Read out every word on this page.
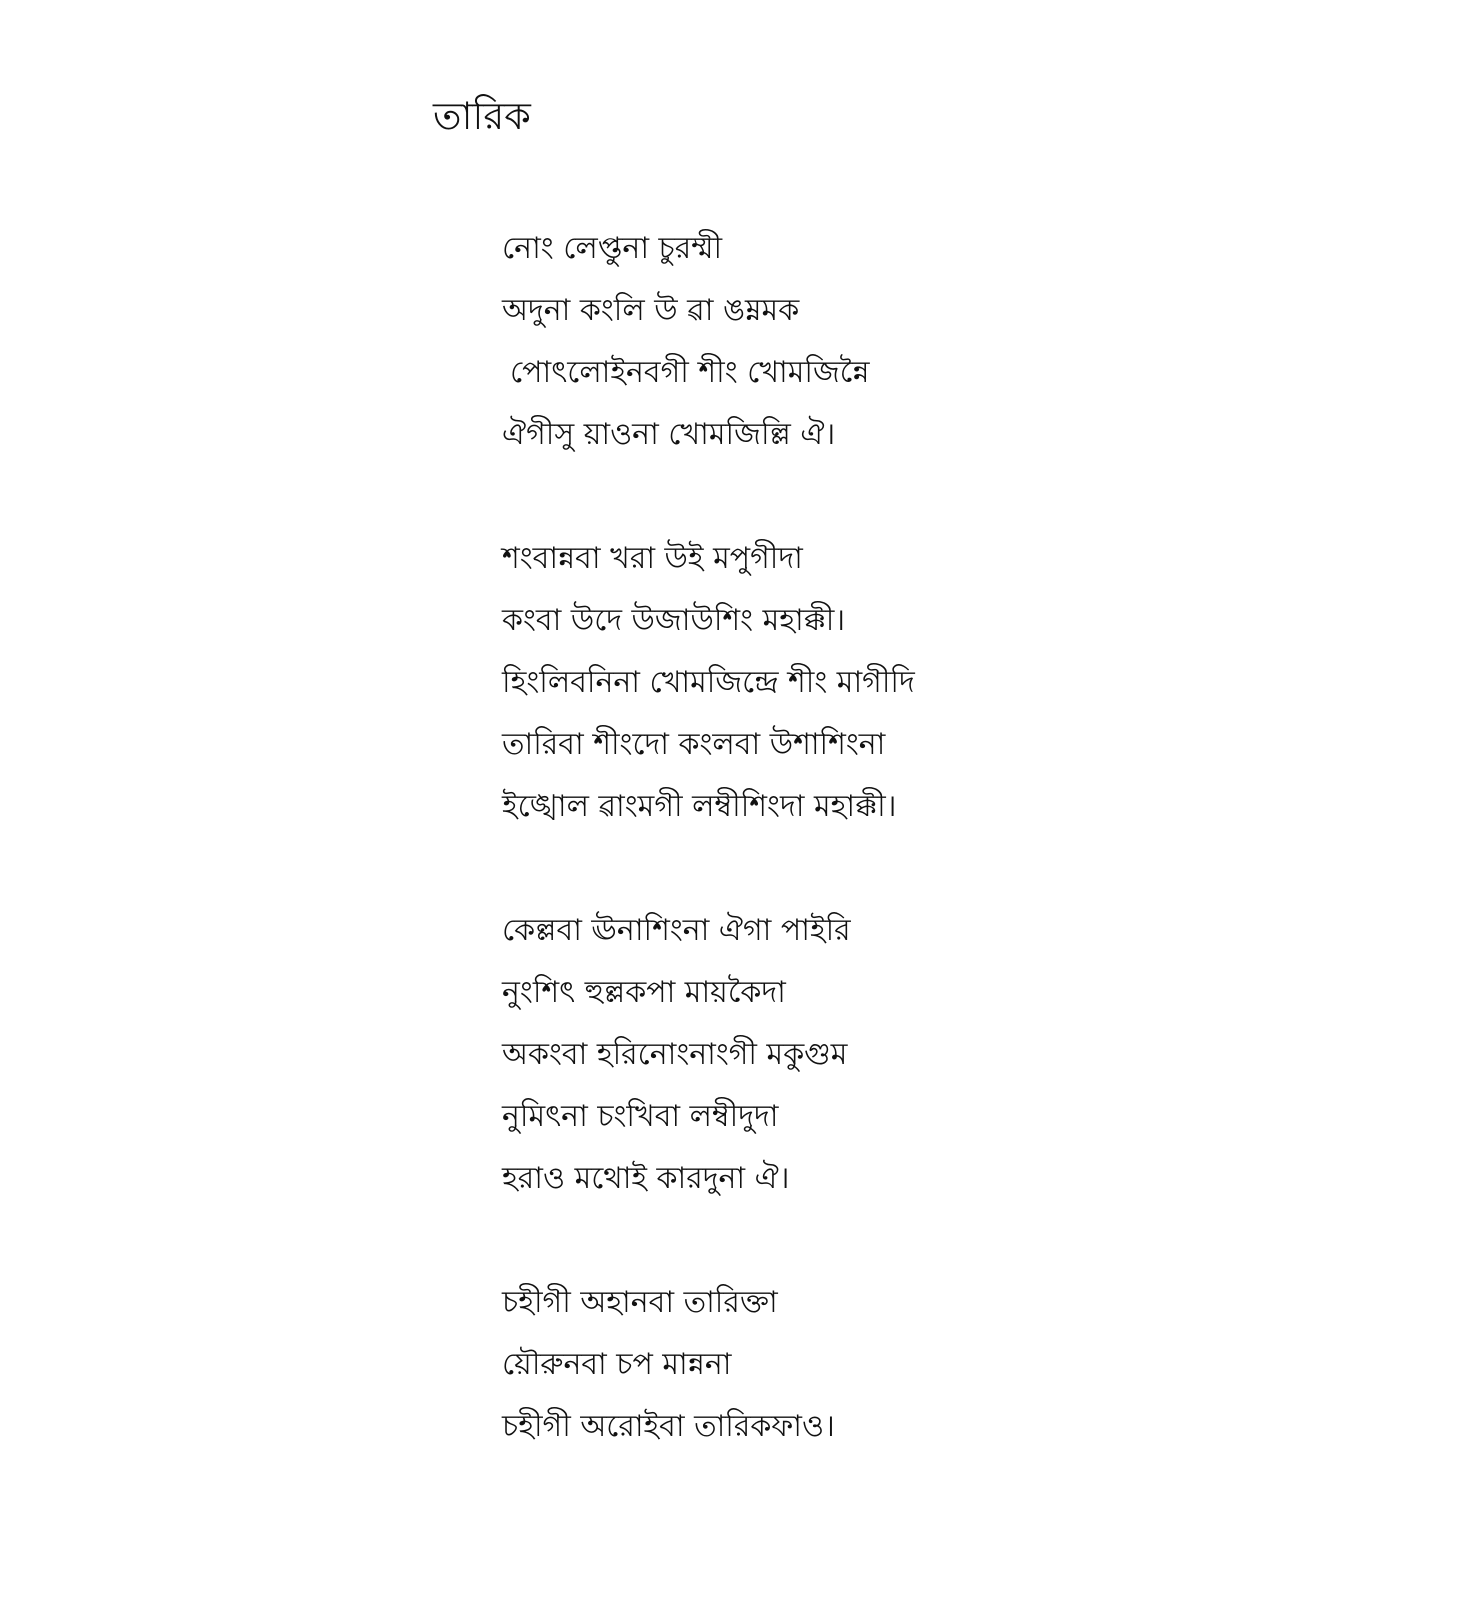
তারিক
নোং লেপ্তুনা চুরম্মী
অদুনা কংলি উ ৱা ঙম্নমক
পোৎলোইনবগী শীং খোমজিন্নৈ
ঐগীসু য়াওনা খোমজিল্লি ঐ।
শংবান্নবা খরা উই মপুগীদা
কংবা উদে উজাউশিং মহাক্কী।
হিংলিবনিনা খোমজিন্দ্রে শীং মাগীদি
তারিবা শীংদো কংলবা উশাশিংনা
ইঙ্খোল ৱাংমগী লম্বীশিংদা মহাক্কী।
কেল্লবা ঊনাশিংনা ঐগা পাইরি
নুংশিৎ হুল্লকপা মায়কৈদা
অকংবা হরিনোংনাংগী মকুগুম
নুমিৎনা চংখিবা লম্বীদুদা
হরাও মথোই কারদুনা ঐ।
চহীগী অহানবা তারিক্তা
য়ৌরুনবা চপ মান্ননা
চহীগী অরোইবা তারিকফাও।
